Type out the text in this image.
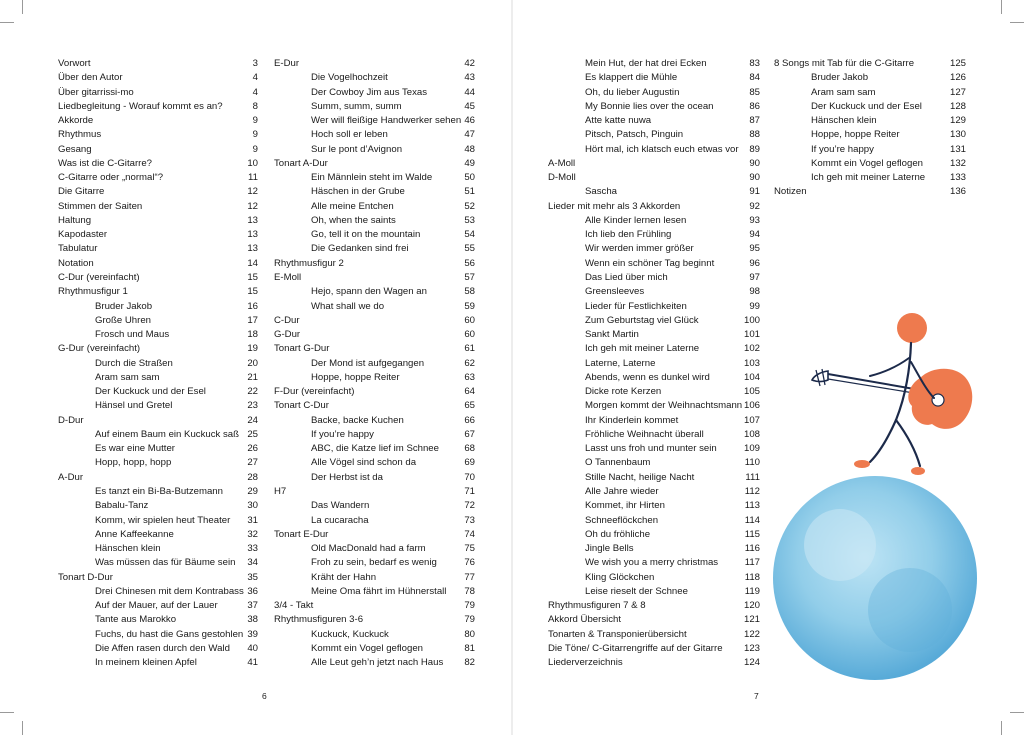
Vorwort	3
Über den Autor	4
Über gitarrissi-mo	4
Liedbegleitung - Worauf kommt es an?	8
Akkorde	9
Rhythmus	9
Gesang	9
Was ist die C-Gitarre?	10
C-Gitarre oder „normal“?	11
Die Gitarre	12
Stimmen der Saiten	12
Haltung	13
Kapodaster	13
Tabulatur	13
Notation	14
C-Dur (vereinfacht)	15
Rhythmusfigur 1	15
Bruder Jakob	16
Große Uhren	17
Frosch und Maus	18
G-Dur (vereinfacht)	19
Durch die Straßen	20
Aram sam sam	21
Der Kuckuck und der Esel	22
Hänsel und Gretel	23
D-Dur	24
Auf einem Baum ein Kuckuck saß 25
Es war eine Mutter	26
Hopp, hopp, hopp	27
A-Dur	28
Es tanzt ein Bi-Ba-Butzemann	29
Babalu-Tanz	30
Komm, wir spielen heut Theater 31
Anne Kaffeekanne	32
Hänschen klein	33
Was müssen das für Bäume sein 34
Tonart D-Dur	35
Drei Chinesen mit dem Kontrabass 36
Auf der Mauer, auf der Lauer	37
Tante aus Marokko	38
Fuchs, du hast die Gans gestohlen 39
Die Affen rasen durch den Wald 40
In meinem kleinen Apfel	41
E-Dur	42
Die Vogelhochzeit	43
Der Cowboy Jim aus Texas	44
Summ, summ, summ	45
Wer will fleißige Handwerker sehen 46
Hoch soll er leben	47
Sur le pont d’Avignon	48
Tonart A-Dur	49
Ein Männlein steht im Walde	50
Häschen in der Grube	51
Alle meine Entchen	52
Oh, when the saints	53
Go, tell it on the mountain	54
Die Gedanken sind frei	55
Rhythmusfigur 2	56
E-Moll	57
Hejo, spann den Wagen an	58
What shall we do	59
C-Dur	60
G-Dur	60
Tonart G-Dur	61
Der Mond ist aufgegangen	62
Hoppe, hoppe Reiter	63
F-Dur (vereinfacht)	64
Tonart C-Dur	65
Backe, backe Kuchen	66
If you’re happy	67
ABC, die Katze lief im Schnee	68
Alle Vögel sind schon da	69
Der Herbst ist da	70
H7	71
Das Wandern	72
La cucaracha	73
Tonart E-Dur	74
Old MacDonald had a farm	75
Froh zu sein, bedarf es wenig	76
Kräht der Hahn	77
Meine Oma fährt im Hühnerstall 78
3/4 - Takt	79
Rhythmusfiguren 3-6	79
Kuckuck, Kuckuck	80
Kommt ein Vogel geflogen	81
Alle Leut geh’n jetzt nach Haus 82
Mein Hut, der hat drei Ecken	83
Es klappert die Mühle	84
Oh, du lieber Augustin	85
My Bonnie lies over the ocean	86
Atte katte nuwa	87
Pitsch, Patsch, Pinguin	88
Hört mal, ich klatsch euch etwas vor 89
A-Moll	90
D-Moll	90
Sascha	91
Lieder mit mehr als 3 Akkorden	92
Alle Kinder lernen lesen	93
Ich lieb den Frühling	94
Wir werden immer größer	95
Wenn ein schöner Tag beginnt	96
Das Lied über mich	97
Greensleeves	98
Lieder für Festlichkeiten	99
Zum Geburtstag viel Glück	100
Sankt Martin	101
Ich geh mit meiner Laterne	102
Laterne, Laterne	103
Abends, wenn es dunkel wird	104
Dicke rote Kerzen	105
Morgen kommt der Weihnachtsmann 106
Ihr Kinderlein kommet	107
Fröhliche Weihnacht überall	108
Lasst uns froh und munter sein	109
O Tannenbaum	110
Stille Nacht, heilige Nacht	111
Alle Jahre wieder	112
Kommet, ihr Hirten	113
Schneeflöckchen	114
Oh du fröhliche	115
Jingle Bells	116
We wish you a merry christmas	117
Kling Glöckchen	118
Leise rieselt der Schnee	119
Rhythmusfiguren 7 & 8	120
Akkord Übersicht	121
Tonarten & Transponierübersicht	122
Die Töne/ C-Gitarrengriffe auf der Gitarre 123
Liederverzeichnis	124
8 Songs mit Tab für die C-Gitarre	125
Bruder Jakob	126
Aram sam sam	127
Der Kuckuck und der Esel	128
Hänschen klein	129
Hoppe, hoppe Reiter	130
If you’re happy	131
Kommt ein Vogel geflogen	132
Ich geh mit meiner Laterne	133
Notizen	136
6	7
